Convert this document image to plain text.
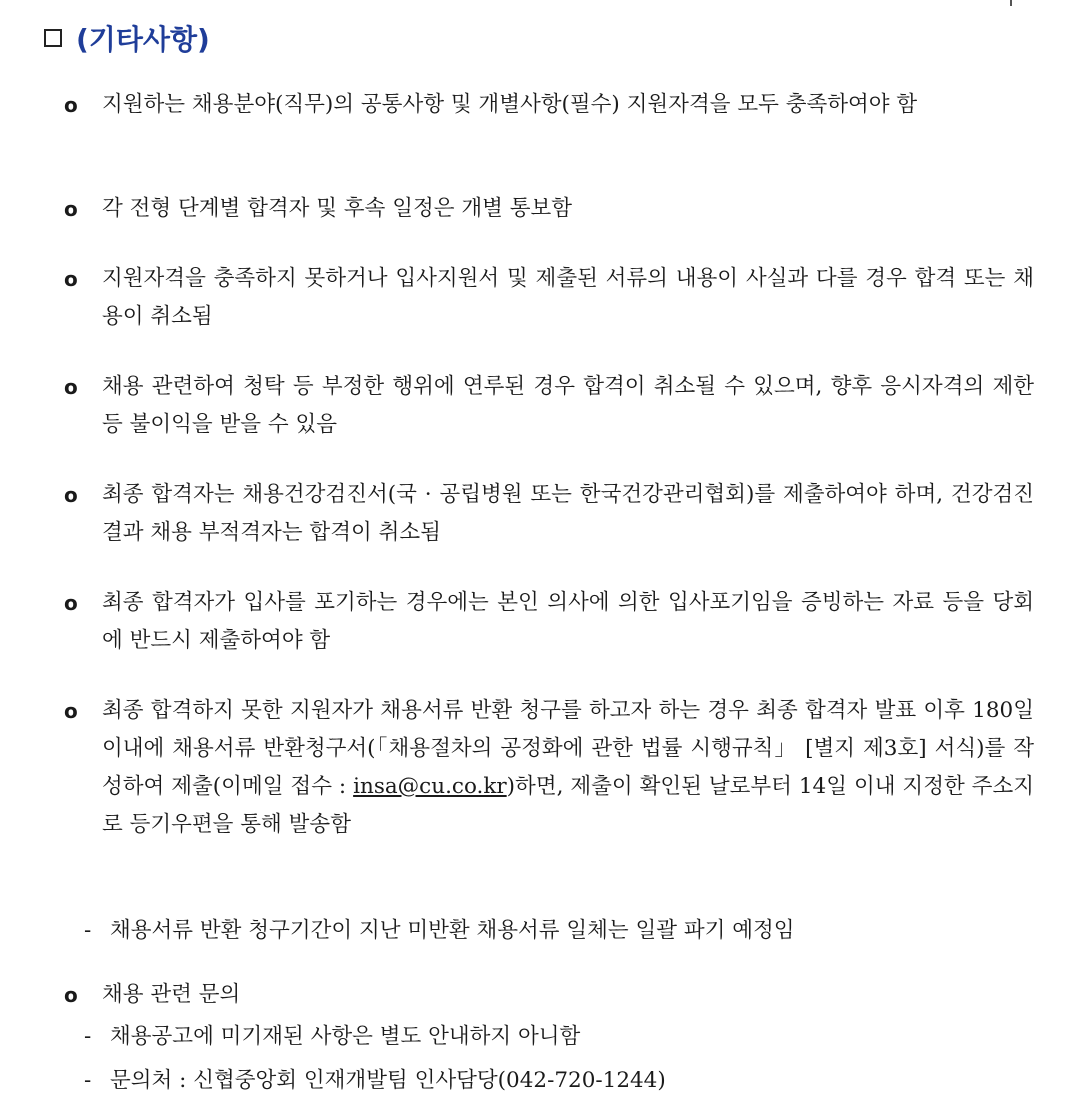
(기타사항)
o	지원하는 채용분야(직무)의 공통사항 및 개별사항(필수) 지원자격을 모두 충족하여야 함
o	각 전형 단계별 합격자 및 후속 일정은 개별 통보함
o	지원자격을 충족하지 못하거나 입사지원서 및 제출된 서류의 내용이 사실과 다를 경우 합격 또는 채용이 취소됨
o	채용 관련하여 청탁 등 부정한 행위에 연루된 경우 합격이 취소될 수 있으며, 향후 응시자격의 제한 등 불이익을 받을 수 있음
o	최종 합격자는 채용건강검진서(국 · 공립병원 또는 한국건강관리협회)를 제출하여야 하며, 건강검진결과 채용 부적격자는 합격이 취소됨
o	최종 합격자가 입사를 포기하는 경우에는 본인 의사에 의한 입사포기임을 증빙하는 자료 등을 당회에 반드시 제출하여야 함
o	최종 합격하지 못한 지원자가 채용서류 반환 청구를 하고자 하는 경우 최종 합격자 발표 이후 180일 이내에 채용서류 반환청구서(「채용절차의 공정화에 관한 법률 시행규칙」 [별지 제3호] 서식)를 작성하여 제출(이메일 접수 : insa@cu.co.kr)하면, 제출이 확인된 날로부터 14일 이내 지정한 주소지로 등기우편을 통해 발송함
- 채용서류 반환 청구기간이 지난 미반환 채용서류 일체는 일괄 파기 예정임
o	채용 관련 문의
- 채용공고에 미기재된 사항은 별도 안내하지 아니함
- 문의처 : 신협중앙회 인재개발팀 인사담당(042-720-1244)
